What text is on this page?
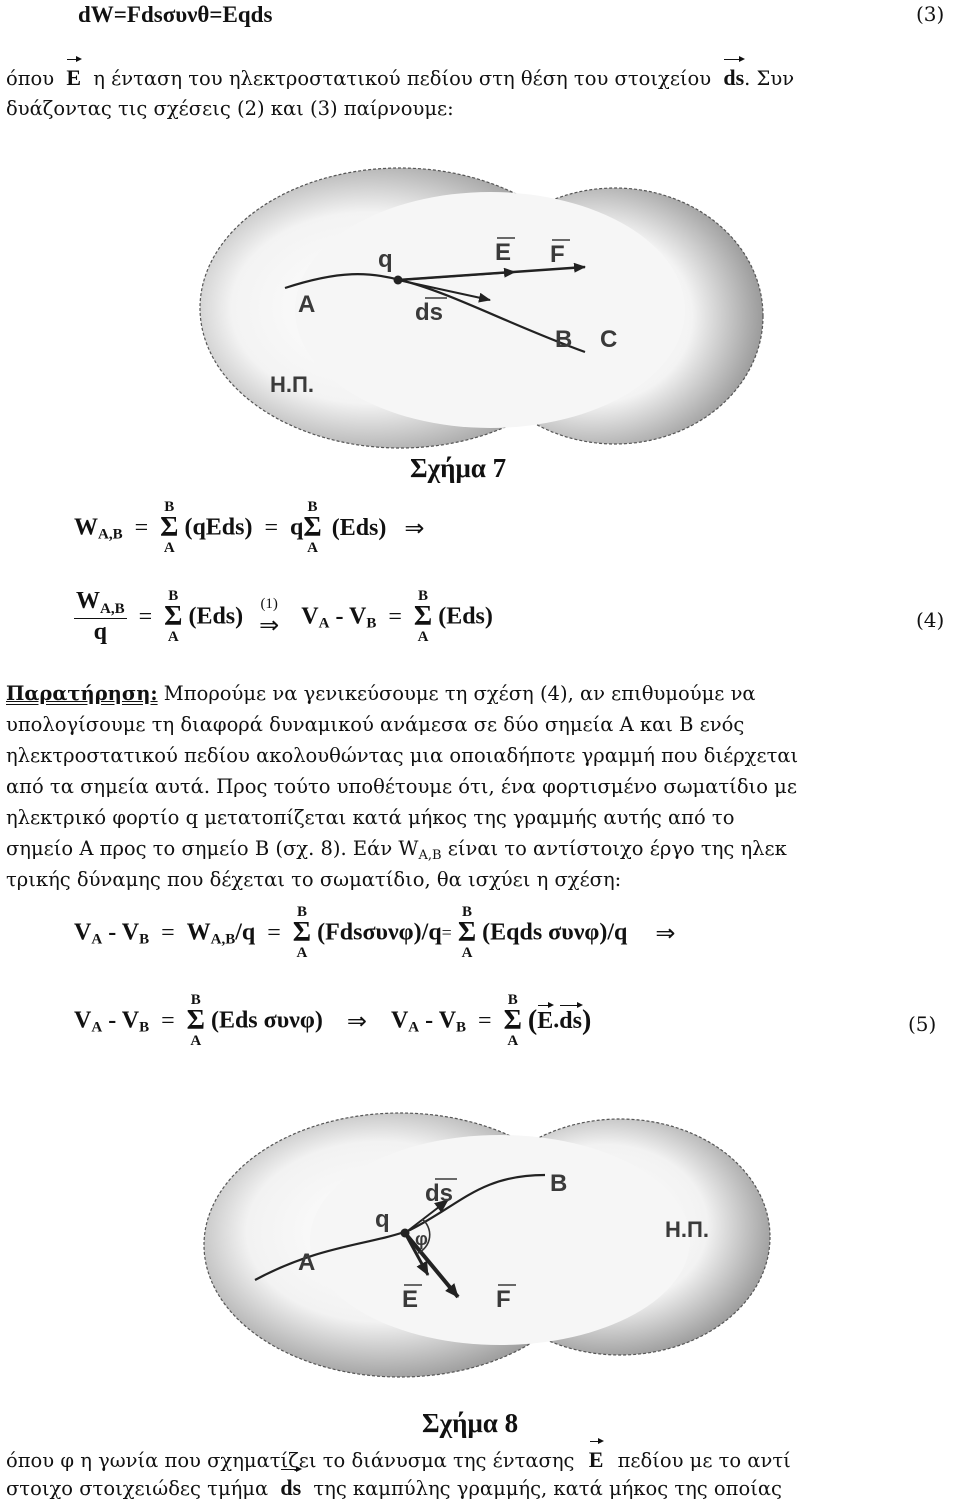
dW=Fdsσυνθ=Eqds	(3)
όπου E η ένταση του ηλεκτροστατικού πεδίου στη θέση του στοιχείου ds. Συν
δυάζοντας τις σχέσεις (2) και (3) παίρνουμε:
q	E F
A	ds
B C
Η.Π.
Σχήμα 7
$W_{A,B}$ =
B
Σ
A
(qEds) = q
B
Σ
A
(Eds) ⇒
$\frac{W_{A,B}}{q}$ =
B
Σ
A
(Eds) (1)
⇒ $V_A - V_B$ =
B
Σ
A
(Eds)	(4)
Παρατήρηση: Μπορούμε να γενικεύσουμε τη σχέση (4), αν επιθυμούμε να
υπολογίσουμε τη διαφορά δυναμικού ανάμεσα σε δύο σημεία Α και Β ενός
ηλεκτροστατικού πεδίου ακολουθώντας μια οποιαδήποτε γραμμή που διέρχεται
από τα σημεία αυτά. Προς τούτο υποθέτουμε ότι, ένα φορτισμένο σωματίδιο με
ηλεκτρικό φορτίο q μετατοπίζεται κατά μήκος της γραμμής αυτής από το
σημείο Α προς το σημείο Β (σχ. 8). Εάν $W_{A,B}$ είναι το αντίστοιχο έργο της ηλεκ
τρικής δύναμης που δέχεται το σωματίδιο, θα ισχύει η σχέση:
$V_A - V_B = W_{A,B}/q$ =
B
Σ
A
(Fdsσυνφ)/q=
B
Σ
A
(Eqds συνφ)/q ⇒
$V_A - V_B$ =
B
Σ
A
(Eds συνφ) ⇒ $V_A - V_B$ =
B
Σ
A
(E.ds)	(5)
ds	B
q
φ	Η.Π.
A
E	F
Σχήμα 8
όπου φ η γωνία που σχηματίζει το διάνυσμα της έντασης E πεδίου με το αντί
στοιχο στοιχειώδες τμήμα ds της καμπύλης γραμμής, κατά μήκος της οποίας
